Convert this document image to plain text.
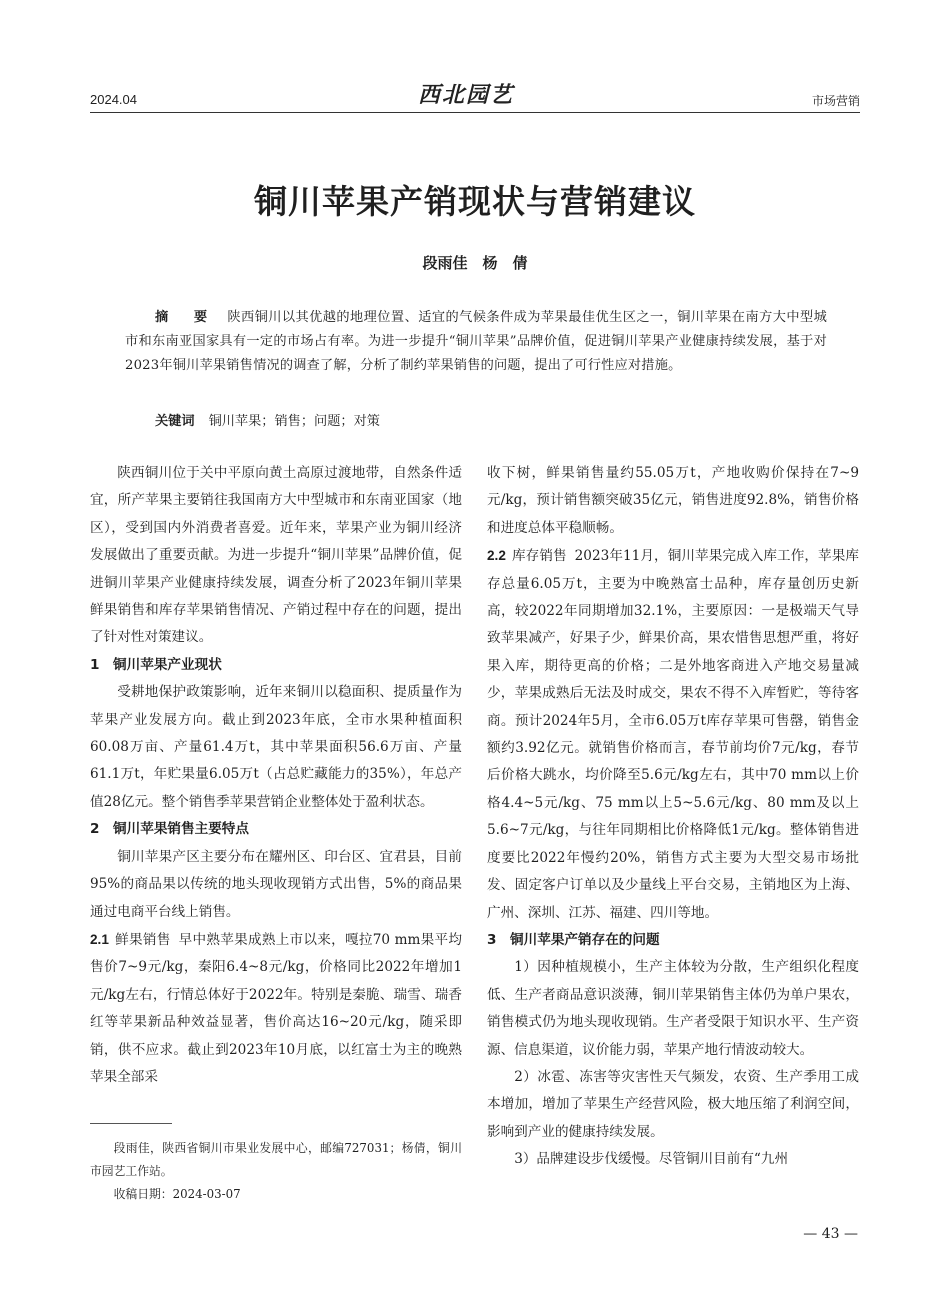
2024.04	西北园艺	市场营销
铜川苹果产销现状与营销建议
段雨佳　杨　倩
摘　要 陕西铜川以其优越的地理位置、适宜的气候条件成为苹果最佳优生区之一，铜川苹果在南方大中型城市和东南亚国家具有一定的市场占有率。为进一步提升“铜川苹果”品牌价值，促进铜川苹果产业健康持续发展，基于对2023年铜川苹果销售情况的调查了解，分析了制约苹果销售的问题，提出了可行性应对措施。
关键词 铜川苹果；销售；问题；对策

陕西铜川位于关中平原向黄土高原过渡地带，自然条件适宜，所产苹果主要销往我国南方大中型城市和东南亚国家（地区），受到国内外消费者喜爱。近年来，苹果产业为铜川经济发展做出了重要贡献。为进一步提升“铜川苹果”品牌价值，促进铜川苹果产业健康持续发展，调查分析了2023年铜川苹果鲜果销售和库存苹果销售情况、产销过程中存在的问题，提出了针对性对策建议。

1　铜川苹果产业现状

受耕地保护政策影响，近年来铜川以稳面积、提质量作为苹果产业发展方向。截止到2023年底，全市水果种植面积60.08万亩、产量61.4万t，其中苹果面积56.6万亩、产量61.1万t，年贮果量6.05万t（占总贮藏能力的35%），年总产值28亿元。整个销售季苹果营销企业整体处于盈利状态。

2　铜川苹果销售主要特点

铜川苹果产区主要分布在耀州区、印台区、宜君县，目前95%的商品果以传统的地头现收现销方式出售，5%的商品果通过电商平台线上销售。

2.1 鲜果销售 早中熟苹果成熟上市以来，嘎拉70 mm果平均售价7~9元/kg，秦阳6.4~8元/kg，价格同比2022年增加1元/kg左右，行情总体好于2022年。特别是秦脆、瑞雪、瑞香红等苹果新品种效益显著，售价高达16~20元/kg，随采即销，供不应求。截止到2023年10月底，以红富士为主的晚熟苹果全部采

收下树，鲜果销售量约55.05万t，产地收购价保持在7~9元/kg，预计销售额突破35亿元，销售进度92.8%，销售价格和进度总体平稳顺畅。

2.2 库存销售 2023年11月，铜川苹果完成入库工作，苹果库存总量6.05万t，主要为中晚熟富士品种，库存量创历史新高，较2022年同期增加32.1%，主要原因：一是极端天气导致苹果减产，好果子少，鲜果价高，果农惜售思想严重，将好果入库，期待更高的价格；二是外地客商进入产地交易量减少，苹果成熟后无法及时成交，果农不得不入库暂贮，等待客商。预计2024年5月，全市6.05万t库存苹果可售罄，销售金额约3.92亿元。就销售价格而言，春节前均价7元/kg，春节后价格大跳水，均价降至5.6元/kg左右，其中70 mm以上价格4.4~5元/kg、75 mm以上5~5.6元/kg、80 mm及以上5.6~7元/kg，与往年同期相比价格降低1元/kg。整体销售进度要比2022年慢约20%，销售方式主要为大型交易市场批发、固定客户订单以及少量线上平台交易，主销地区为上海、广州、深圳、江苏、福建、四川等地。

3　铜川苹果产销存在的问题

1）因种植规模小，生产主体较为分散，生产组织化程度低、生产者商品意识淡薄，铜川苹果销售主体仍为单户果农，销售模式仍为地头现收现销。生产者受限于知识水平、生产资源、信息渠道，议价能力弱，苹果产地行情波动较大。

2）冰雹、冻害等灾害性天气频发，农资、生产季用工成本增加，增加了苹果生产经营风险，极大地压缩了利润空间，影响到产业的健康持续发展。

3）品牌建设步伐缓慢。尽管铜川目前有“九州

段雨佳，陕西省铜川市果业发展中心，邮编727031；杨倩，铜川市园艺工作站。

收稿日期：2024-03-07

— 43 —
